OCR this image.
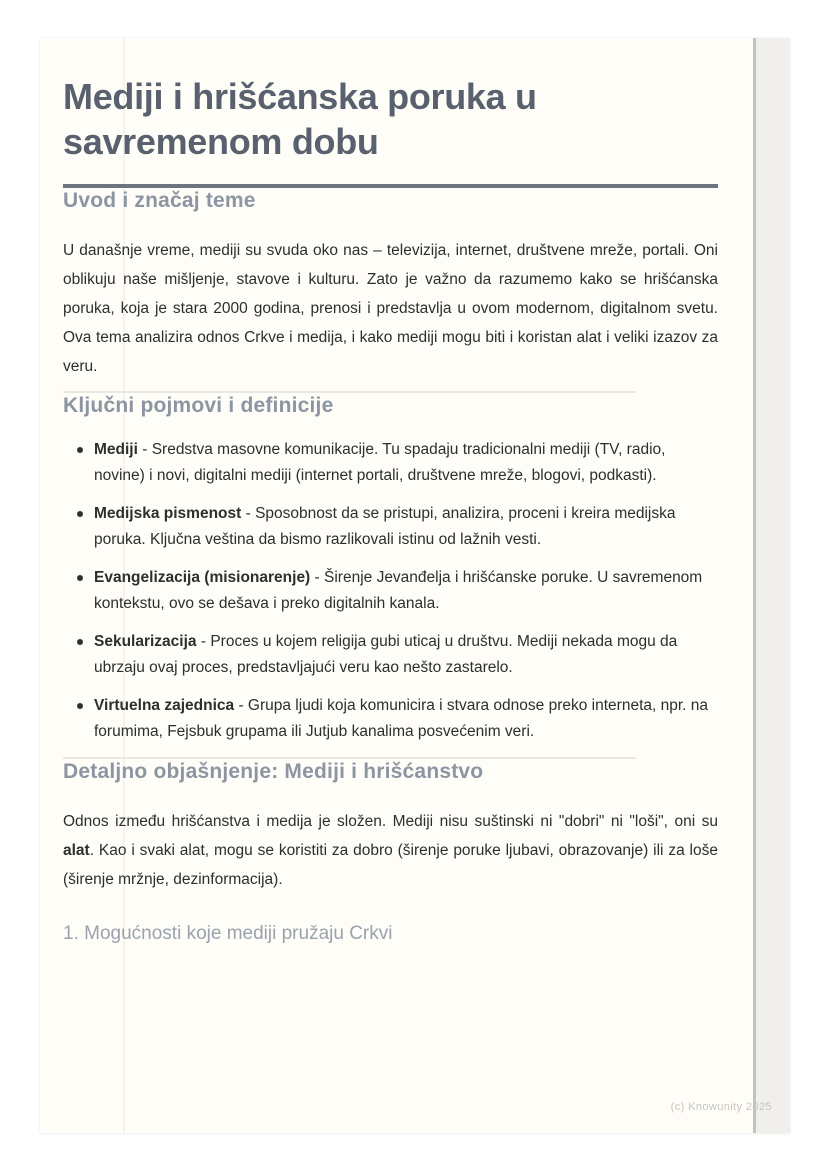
Mediji i hrišćanska poruka u savremenom dobu
Uvod i značaj teme

U današnje vreme, mediji su svuda oko nas – televizija, internet, društvene mreže, portali. Oni oblikuju naše mišljenje, stavove i kulturu. Zato je važno da razumemo kako se hrišćanska poruka, koja je stara 2000 godina, prenosi i predstavlja u ovom modernom, digitalnom svetu. Ova tema analizira odnos Crkve i medija, i kako mediji mogu biti i koristan alat i veliki izazov za veru.

Ključni pojmovi i definicije
Mediji - Sredstva masovne komunikacije. Tu spadaju tradicionalni mediji (TV, radio, novine) i novi, digitalni mediji (internet portali, društvene mreže, blogovi, podkasti).
Medijska pismenost - Sposobnost da se pristupi, analizira, proceni i kreira medijska poruka. Ključna veština da bismo razlikovali istinu od lažnih vesti.
Evangelizacija (misionarenje) - Širenje Jevanđelja i hrišćanske poruke. U savremenom kontekstu, ovo se dešava i preko digitalnih kanala.
Sekularizacija - Proces u kojem religija gubi uticaj u društvu. Mediji nekada mogu da ubrzaju ovaj proces, predstavljajući veru kao nešto zastarelo.
Virtuelna zajednica - Grupa ljudi koja komunicira i stvara odnose preko interneta, npr. na forumima, Fejsbuk grupama ili Jutjub kanalima posvećenim veri.
Detaljno objašnjenje: Mediji i hrišćanstvo

Odnos između hrišćanstva i medija je složen. Mediji nisu suštinski ni "dobri" ni "loši", oni su alat. Kao i svaki alat, mogu se koristiti za dobro (širenje poruke ljubavi, obrazovanje) ili za loše (širenje mržnje, dezinformacija).

1. Mogućnosti koje mediji pružaju Crkvi
(c) Knowunity 2025
